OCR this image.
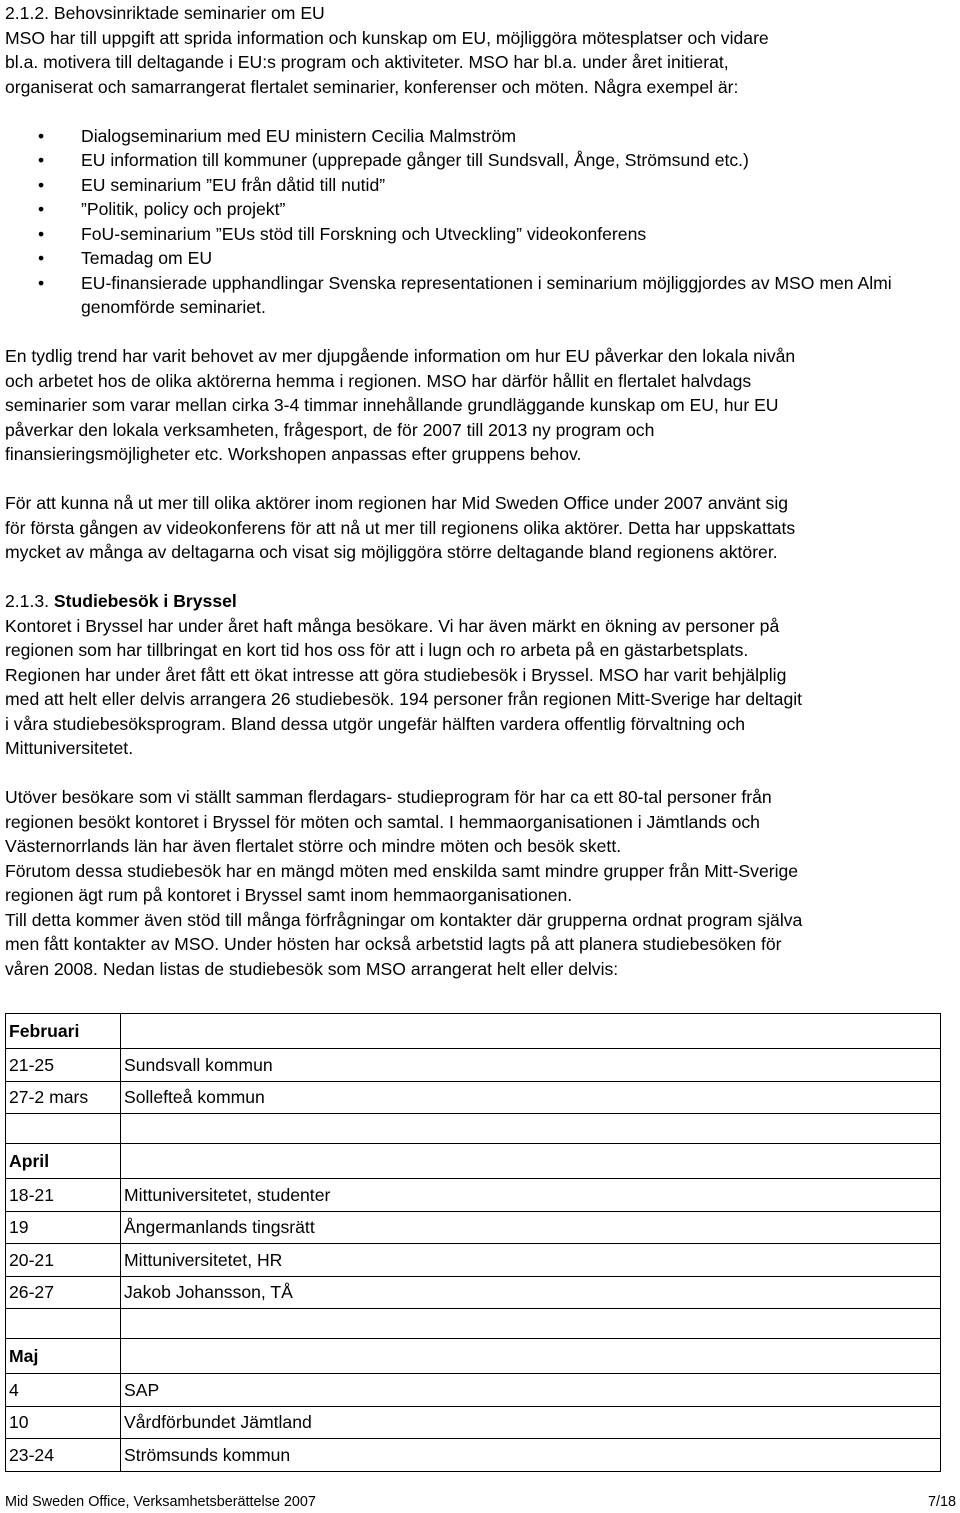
2.1.2. Behovsinriktade seminarier om EU

MSO har till uppgift att sprida information och kunskap om EU, möjliggöra mötesplatser och vidare

bl.a. motivera till deltagande i EU:s program och aktiviteter. MSO har bl.a. under året initierat,

organiserat och samarrangerat flertalet seminarier, konferenser och möten. Några exempel är:

• Dialogseminarium med EU ministern Cecilia Malmström
• EU information till kommuner (upprepade gånger till Sundsvall, Ånge, Strömsund etc.)
• EU seminarium ”EU från dåtid till nutid”
• ”Politik, policy och projekt”
• FoU-seminarium ”EUs stöd till Forskning och Utveckling” videokonferens
• Temadag om EU
• EU-finansierade upphandlingar Svenska representationen i seminarium möjliggjordes av MSO men Almi genomförde seminariet.

En tydlig trend har varit behovet av mer djupgående information om hur EU påverkar den lokala nivån

och arbetet hos de olika aktörerna hemma i regionen. MSO har därför hållit en flertalet halvdags

seminarier som varar mellan cirka 3-4 timmar innehållande grundläggande kunskap om EU, hur EU

påverkar den lokala verksamheten, frågesport, de för 2007 till 2013 ny program och

finansieringsmöjligheter etc. Workshopen anpassas efter gruppens behov.

För att kunna nå ut mer till olika aktörer inom regionen har Mid Sweden Office under 2007 använt sig

för första gången av videokonferens för att nå ut mer till regionens olika aktörer. Detta har uppskattats

mycket av många av deltagarna och visat sig möjliggöra större deltagande bland regionens aktörer.

2.1.3. Studiebesök i Bryssel

Kontoret i Bryssel har under året haft många besökare. Vi har även märkt en ökning av personer på

regionen som har tillbringat en kort tid hos oss för att i lugn och ro arbeta på en gästarbetsplats.

Regionen har under året fått ett ökat intresse att göra studiebesök i Bryssel. MSO har varit behjälplig

med att helt eller delvis arrangera 26 studiebesök. 194 personer från regionen Mitt-Sverige har deltagit

i våra studiebesöksprogram. Bland dessa utgör ungefär hälften vardera offentlig förvaltning och

Mittuniversitetet.

Utöver besökare som vi ställt samman flerdagars- studieprogram för har ca ett 80-tal personer från

regionen besökt kontoret i Bryssel för möten och samtal. I hemmaorganisationen i Jämtlands och

Västernorrlands län har även flertalet större och mindre möten och besök skett.

Förutom dessa studiebesök har en mängd möten med enskilda samt mindre grupper från Mitt-Sverige

regionen ägt rum på kontoret i Bryssel samt inom hemmaorganisationen.

Till detta kommer även stöd till många förfrågningar om kontakter där grupperna ordnat program själva

men fått kontakter av MSO. Under hösten har också arbetstid lagts på att planera studiebesöken för

våren 2008. Nedan listas de studiebesök som MSO arrangerat helt eller delvis:

Februari	
21-25	Sundsvall kommun
27-2 mars	Sollefteå kommun

April	
18-21	Mittuniversitetet, studenter
19	Ångermanlands tingsrätt
20-21	Mittuniversitetet, HR
26-27	Jakob Johansson, TÅ

Maj	
4	SAP
10	Vårdförbundet Jämtland
23-24	Strömsunds kommun
Mid Sweden Office, Verksamhetsberättelse 2007	7/18
